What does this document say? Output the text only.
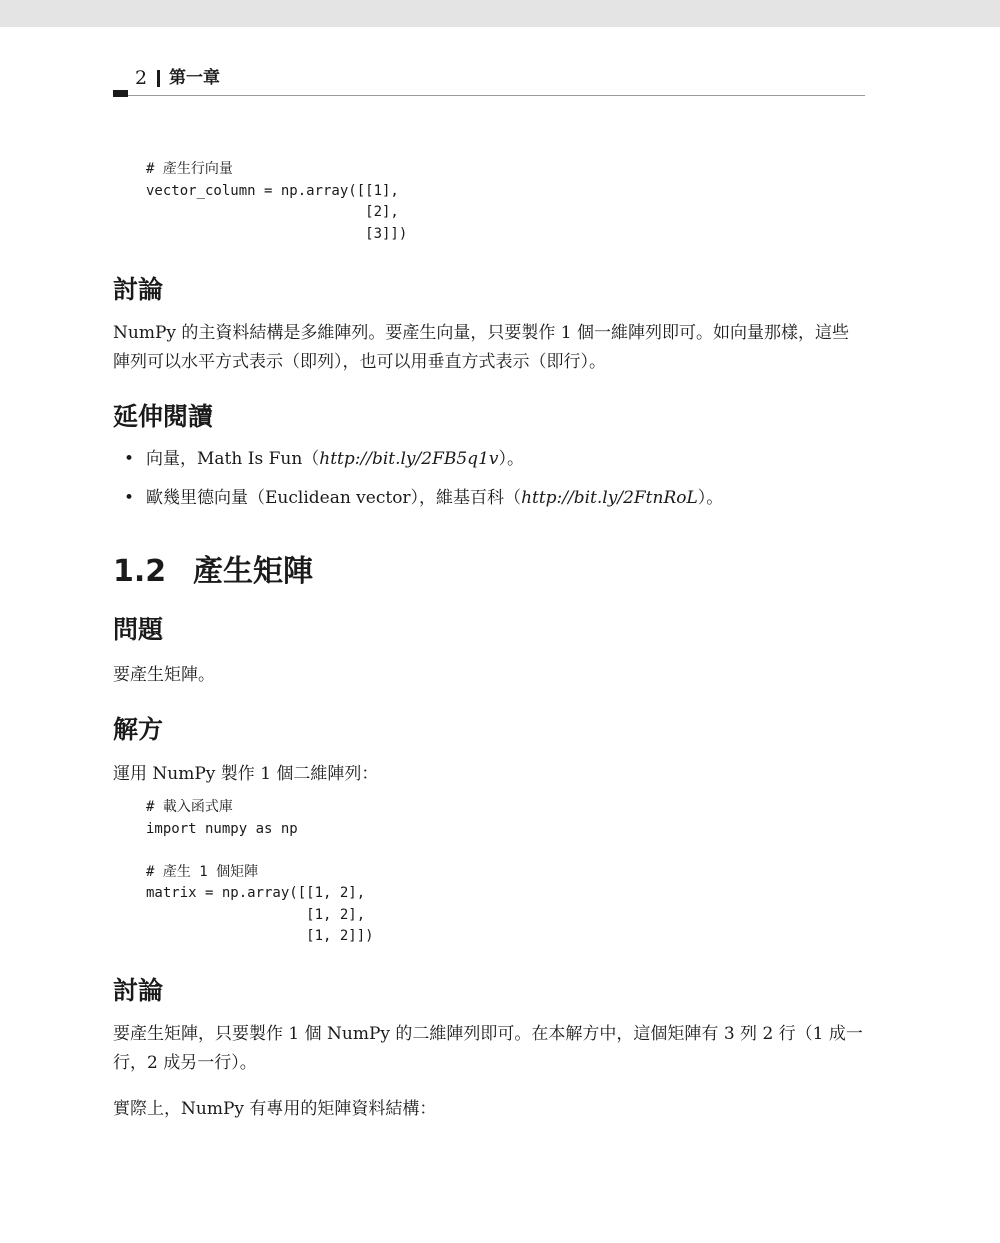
2 第一章
# 產生行向量
vector_column = np.array([[1],
[2],
[3]])
討論

NumPy 的主資料結構是多維陣列。要產生向量，只要製作 1 個一維陣列即可。如向量那樣，這些陣列可以水平方式表示（即列），也可以用垂直方式表示（即行）。

延伸閱讀
• 向量，Math Is Fun（http://bit.ly/2FB5q1v）。
• 歐幾里德向量（Euclidean vector），維基百科（http://bit.ly/2FtnRoL）。
1.2 產生矩陣
問題

要產生矩陣。

解方

運用 NumPy 製作 1 個二維陣列：

# 載入函式庫
import numpy as np

# 產生 1 個矩陣
matrix = np.array([[1, 2],
[1, 2],
[1, 2]])
討論

要產生矩陣，只要製作 1 個 NumPy 的二維陣列即可。在本解方中，這個矩陣有 3 列 2 行（1 成一行，2 成另一行）。

實際上，NumPy 有專用的矩陣資料結構：
